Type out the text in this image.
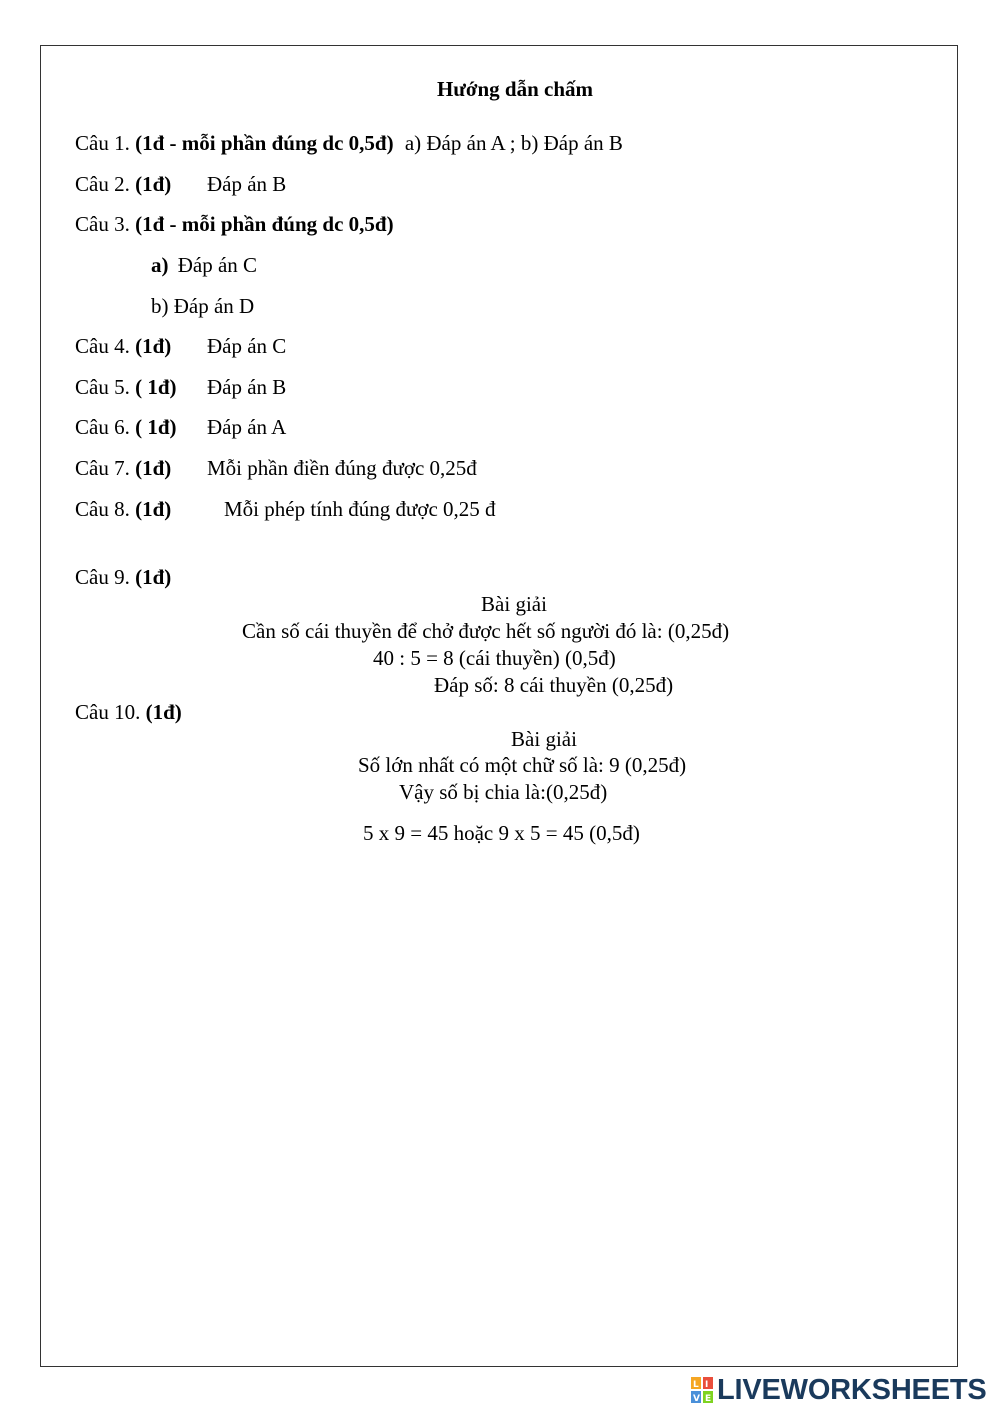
Hướng dẫn chấm
Câu 1. (1đ - mỗi phần đúng dc 0,5đ) a) Đáp án A ; b) Đáp án B
Câu 2. (1đ) Đáp án B
Câu 3. (1đ - mỗi phần đúng dc 0,5đ)
a) Đáp án C
b) Đáp án D
Câu 4. (1đ) Đáp án C
Câu 5. ( 1đ) Đáp án B
Câu 6. ( 1đ) Đáp án A
Câu 7. (1đ) Mỗi phần điền đúng được 0,25đ
Câu 8. (1đ)	Mỗi phép tính đúng được 0,25 đ
Câu 9. (1đ)
Bài giải
Cần số cái thuyền để chở được hết số người đó là: (0,25đ)
40 : 5 = 8 (cái thuyền) (0,5đ)
Đáp số: 8 cái thuyền (0,25đ)
Câu 10. (1đ)
Bài giải
Số lớn nhất có một chữ số là: 9 (0,25đ)
Vậy số bị chia là:(0,25đ)
5 x 9 = 45 hoặc 9 x 5 = 45 (0,5đ)
L I
V E LIVEWORKSHEETS
